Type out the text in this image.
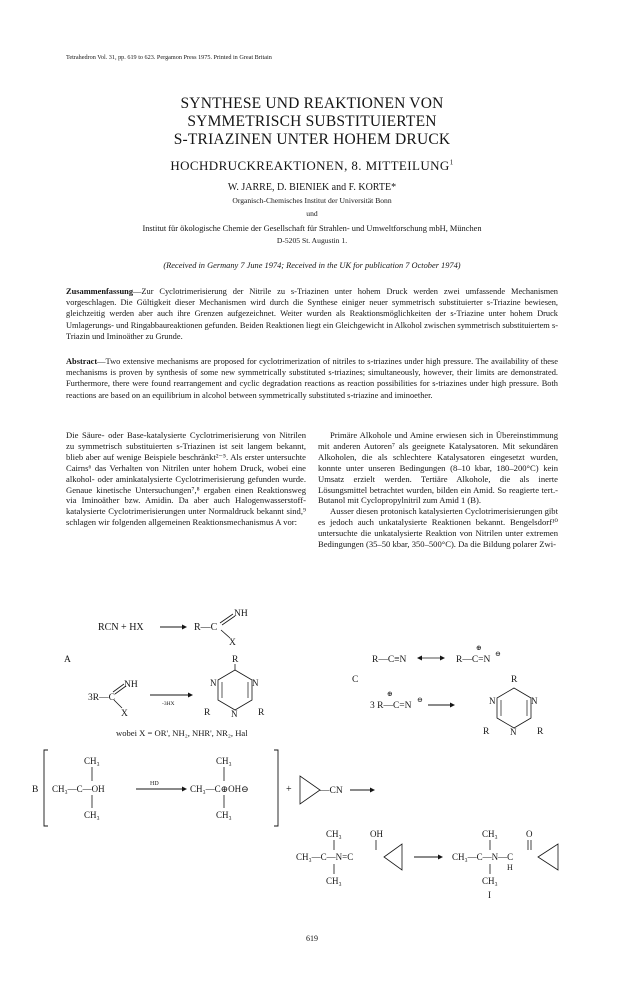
Tetrahedron Vol. 31, pp. 619 to 623. Pergamon Press 1975. Printed in Great Britain
SYNTHESE UND REAKTIONEN VON
SYMMETRISCH SUBSTITUIERTEN
S-TRIAZINEN UNTER HOHEM DRUCK
HOCHDRUCKREAKTIONEN, 8. MITTEILUNG$^1$
W. JARRE, D. BIENIEK and F. KORTE*
Organisch-Chemisches Institut der Universität Bonn
und
Institut für ökologische Chemie der Gesellschaft für Strahlen- und Umweltforschung mbH, München
D-5205 St. Augustin 1.
(Received in Germany 7 June 1974; Received in the UK for publication 7 October 1974)
Zusammenfassung—Zur Cyclotrimerisierung der Nitrile zu s-Triazinen unter hohem Druck werden zwei umfassende Mechanismen vorgeschlagen. Die Gültigkeit dieser Mechanismen wird durch die Synthese einiger neuer symmetrisch substituierter s-Triazine bewiesen, gleichzeitig werden aber auch ihre Grenzen aufgezeichnet. Weiter wurden als Reaktionsmöglichkeiten der s-Triazine unter hohem Druck Umlagerungs- und Ringabbaureaktionen gefunden. Beiden Reaktionen liegt ein Gleichgewicht in Alkohol zwischen symmetrisch substituiertem s-Triazin und Iminoäther zu Grunde.
Abstract—Two extensive mechanisms are proposed for cyclotrimerization of nitriles to s-triazines under high pressure. The availability of these mechanisms is proven by synthesis of some new symmetrically substituted s-triazines; simultaneously, however, their limits are demonstrated. Furthermore, there were found rearrangement and cyclic degradation reactions as reaction possibilities for s-triazines under high pressure. Both reactions are based on an equilibrium in alcohol between symmetrically substituted s-triazine and iminoether.

Die Säure- oder Base-katalysierte Cyclotrimerisierung von Nitrilen zu symmetrisch substituierten s-Triazinen ist seit langem bekannt, blieb aber auf wenige Beispiele beschränkt²⁻⁵. Als erster untersuchte Cairns⁶ das Verhalten von Nitrilen unter hohem Druck, wobei eine alkohol- oder aminkatalysierte Cyclotrimerisierung gefunden wurde. Genaue kinetische Untersuchungen⁷,⁸ ergaben einen Reaktionsweg via Iminoäther bzw. Amidin. Da aber auch Halogenwasserstoff-katalysierte Cyclotrimerisierungen unter Normaldruck bekannt sind,⁹ schlagen wir folgenden allgemeinen Reaktionsmechanismus A vor:

Primäre Alkohole und Amine erwiesen sich in Übereinstimmung mit anderen Autoren⁷ als geeignete Katalysatoren. Mit sekundären Alkoholen, die als schlechtere Katalysatoren eingesetzt wurden, konnte unter unseren Bedingungen (8–10 kbar, 180–200°C) kein Umsatz erzielt werden. Tertiäre Alkohole, die als inerte Lösungsmittel betrachtet wurden, bilden ein Amid. So reagierte tert.-Butanol mit Cyclopropylnitril zum Amid 1 (B).

Ausser diesen protonisch katalysierten Cyclotrimerisierungen gibt es jedoch auch unkatalysierte Reaktionen bekannt. Bengelsdorf¹⁰ untersuchte die unkatalysierte Reaktion von Nitrilen unter extremen Bedingungen (35–50 kbar, 350–500°C). Da die Bildung polarer Zwi-

RCN + HX	R—C
NH
X
A	R
3R—C
NH
X
-3HX
N	N
N
R	R
wobei X = OR', NH₂, NHR', NR₂, Hal
B
CH₃
CH₃—C—OH
CH₃
HD
CH₃
CH₃—C⊕OH⊖
CH₃
+	—CN
CH₃	OH
CH₃—C—N=C
CH₃
CH₃	O
CH₃—C—N—C
H
CH₃
I
R—C≡N	R—C=N
⊕
⊖
C
3 R—C=N
⊕
⊖
R
N	N
N
R	R
619
